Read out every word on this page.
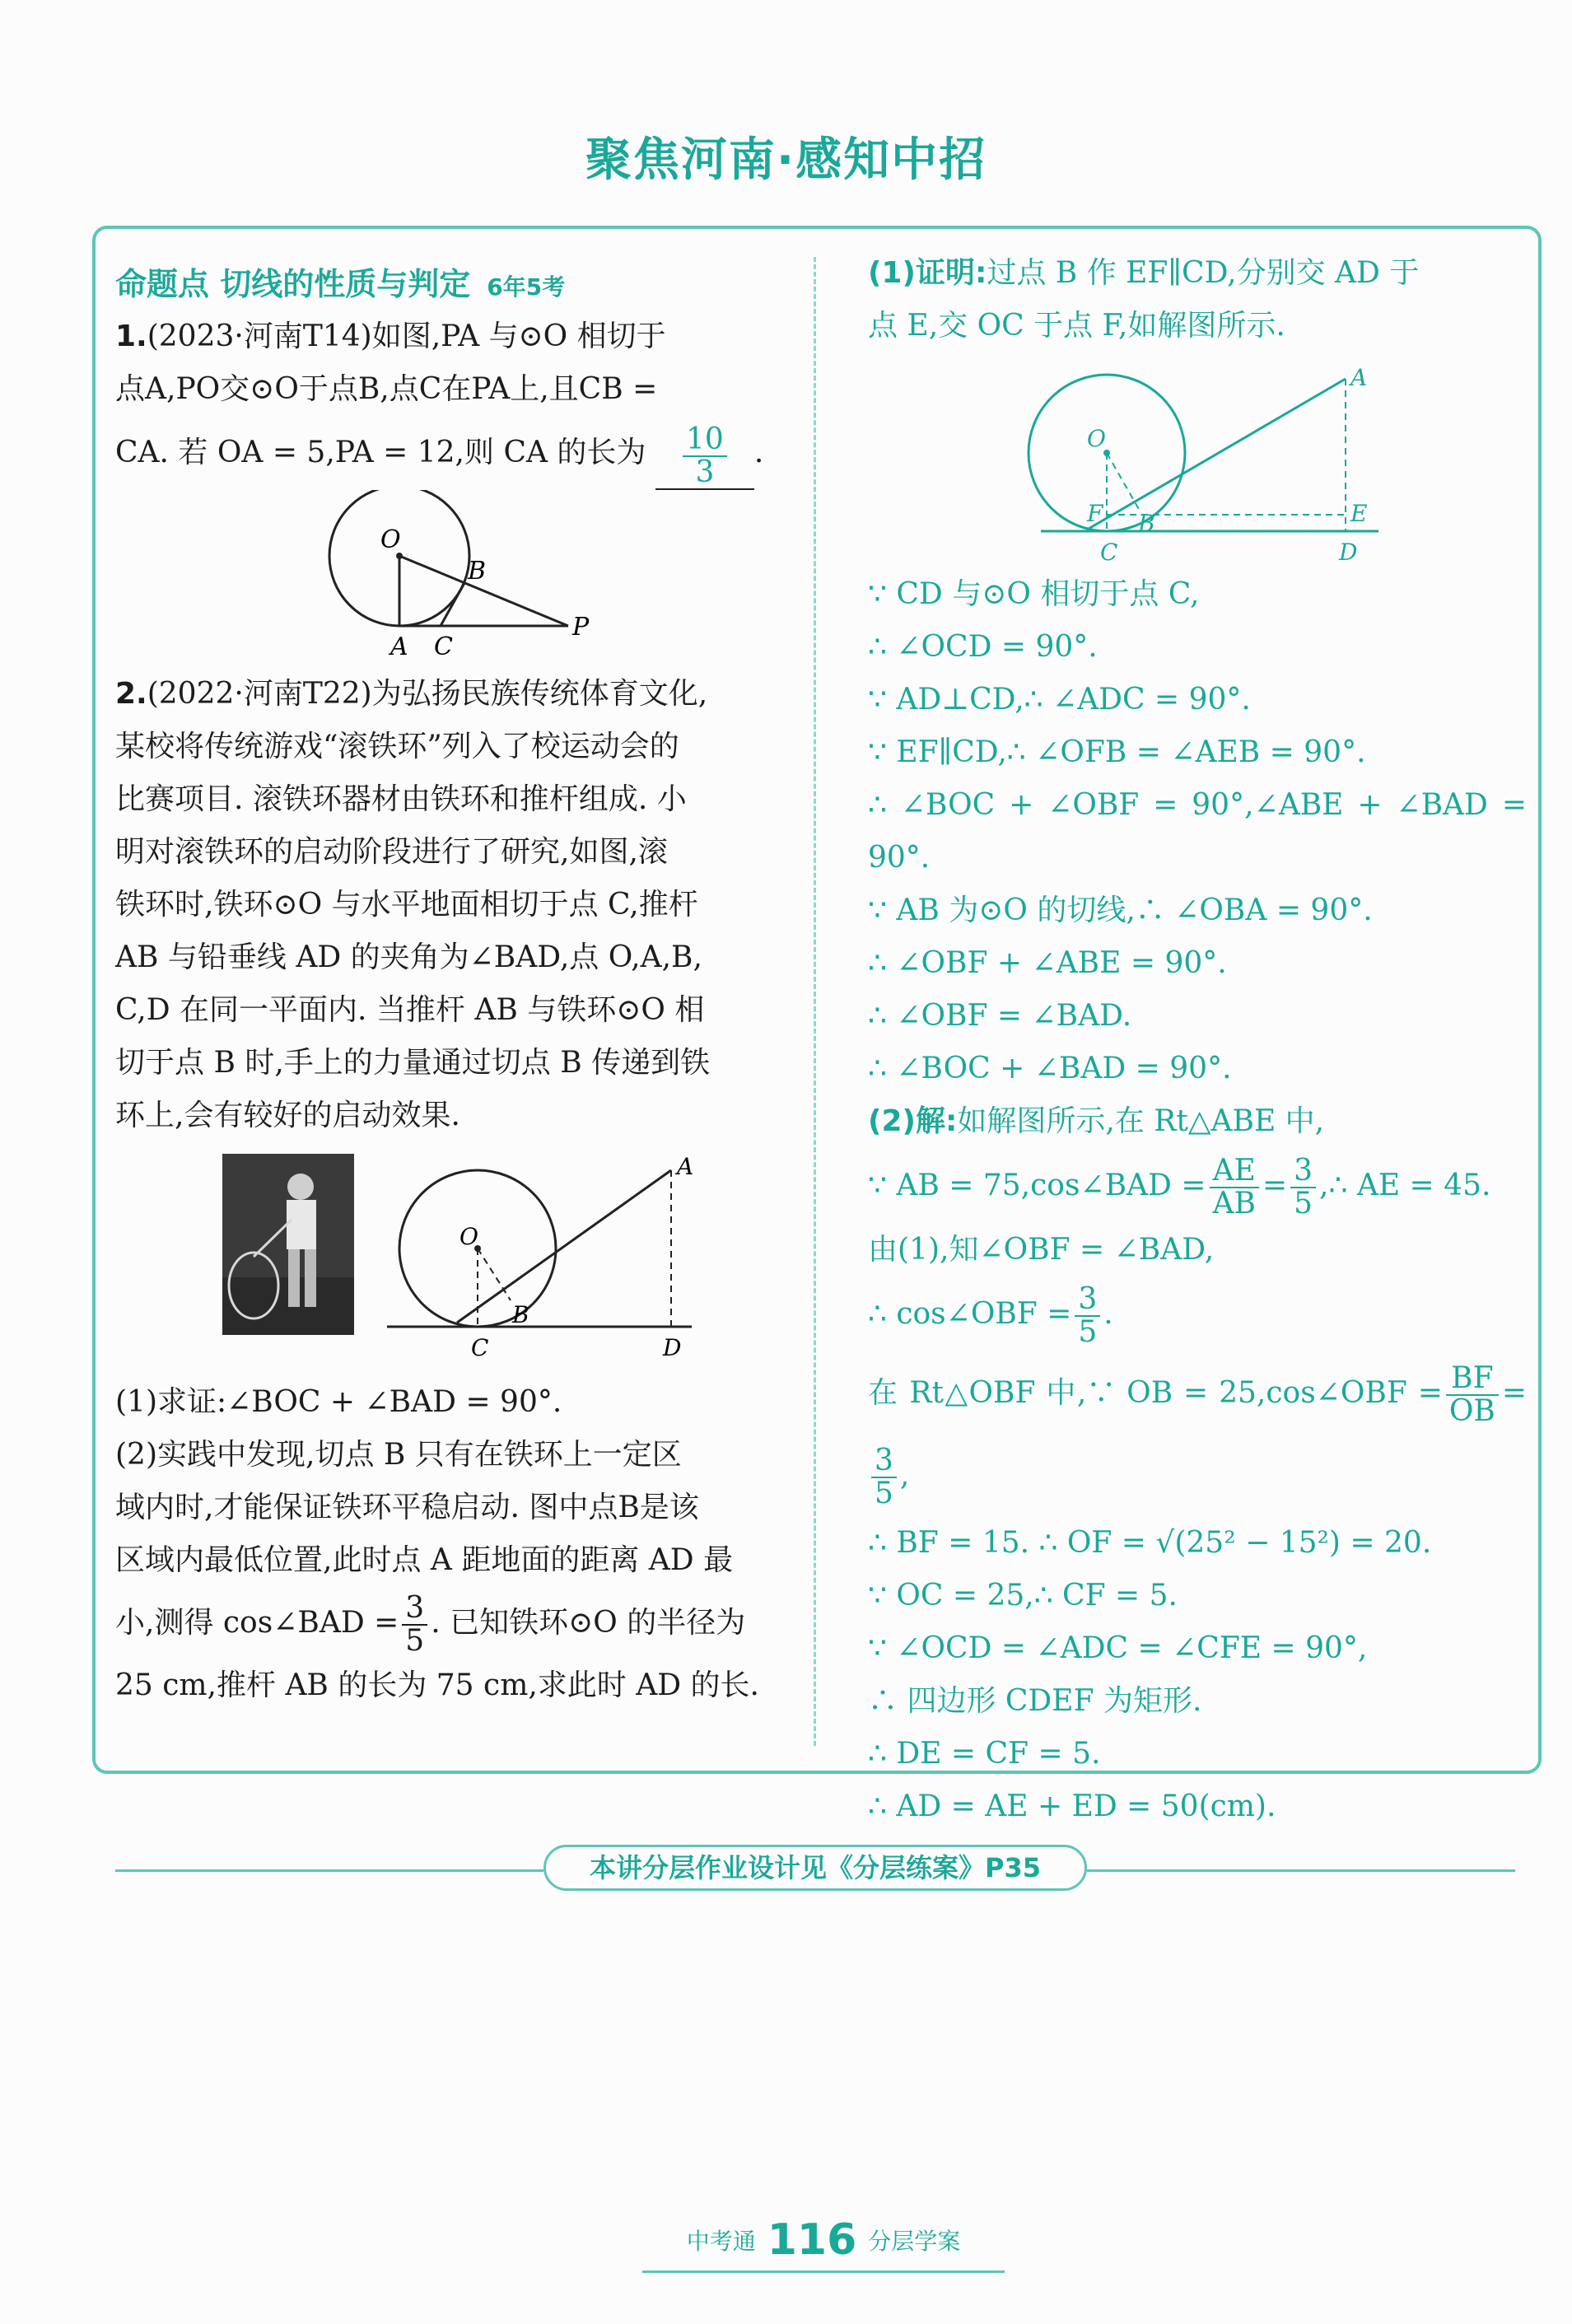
聚焦河南·感知中招
命题点 切线的性质与判定 6年5考

1.(2023·河南T14)如图,PA 与⊙O 相切于

点A,PO交⊙O于点B,点C在PA上,且CB =

CA. 若 OA = 5,PA = 12,则 CA 的长为 $\frac{10}{3}$ .

O
B
A C
P

2.(2022·河南T22)为弘扬民族传统体育文化,

某校将传统游戏“滚铁环”列入了校运动会的

比赛项目. 滚铁环器材由铁环和推杆组成. 小

明对滚铁环的启动阶段进行了研究,如图,滚

铁环时,铁环⊙O 与水平地面相切于点 C,推杆

AB 与铅垂线 AD 的夹角为∠BAD,点 O,A,B,

C,D 在同一平面内. 当推杆 AB 与铁环⊙O 相

切于点 B 时,手上的力量通过切点 B 传递到铁

环上,会有较好的启动效果.

O
B
C	D
A

(1)求证:∠BOC + ∠BAD = 90°.

(2)实践中发现,切点 B 只有在铁环上一定区

域内时,才能保证铁环平稳启动. 图中点B是该

区域内最低位置,此时点 A 距地面的距离 AD 最

小,测得 cos∠BAD = $\frac{3}{5}$ . 已知铁环⊙O 的半径为

25 cm,推杆 AB 的长为 75 cm,求此时 AD 的长.

(1)证明:过点 B 作 EF∥CD,分别交 AD 于

点 E,交 OC 于点 F,如解图所示.

O
A
F B	E
C	D

∵ CD 与⊙O 相切于点 C,

∴ ∠OCD = 90°.

∵ AD⊥CD,∴ ∠ADC = 90°.

∵ EF∥CD,∴ ∠OFB = ∠AEB = 90°.

∴ ∠BOC + ∠OBF = 90°,∠ABE + ∠BAD = 90°.

∵ AB 为⊙O 的切线,∴ ∠OBA = 90°.

∴ ∠OBF + ∠ABE = 90°.

∴ ∠OBF = ∠BAD.

∴ ∠BOC + ∠BAD = 90°.

(2)解:如解图所示,在 Rt△ABE 中,

∵ AB = 75,cos∠BAD = $\frac{AE}{AB} = \frac{3}{5}$ ,∴ AE = 45.

由(1),知∠OBF = ∠BAD,

∴ cos∠OBF = $\frac{3}{5}$ .

在 Rt△OBF 中,∵ OB = 25,cos∠OBF = $\frac{BF}{OB}$ =
$\frac{3}{5}$ ,

∴ BF = 15. ∴ OF = √(25² − 15²) = 20.

∵ OC = 25,∴ CF = 5.

∵ ∠OCD = ∠ADC = ∠CFE = 90°,

∴ 四边形 CDEF 为矩形.

∴ DE = CF = 5.

∴ AD = AE + ED = 50(cm).

本讲分层作业设计见《分层练案》P35
中考通 116 分层学案
